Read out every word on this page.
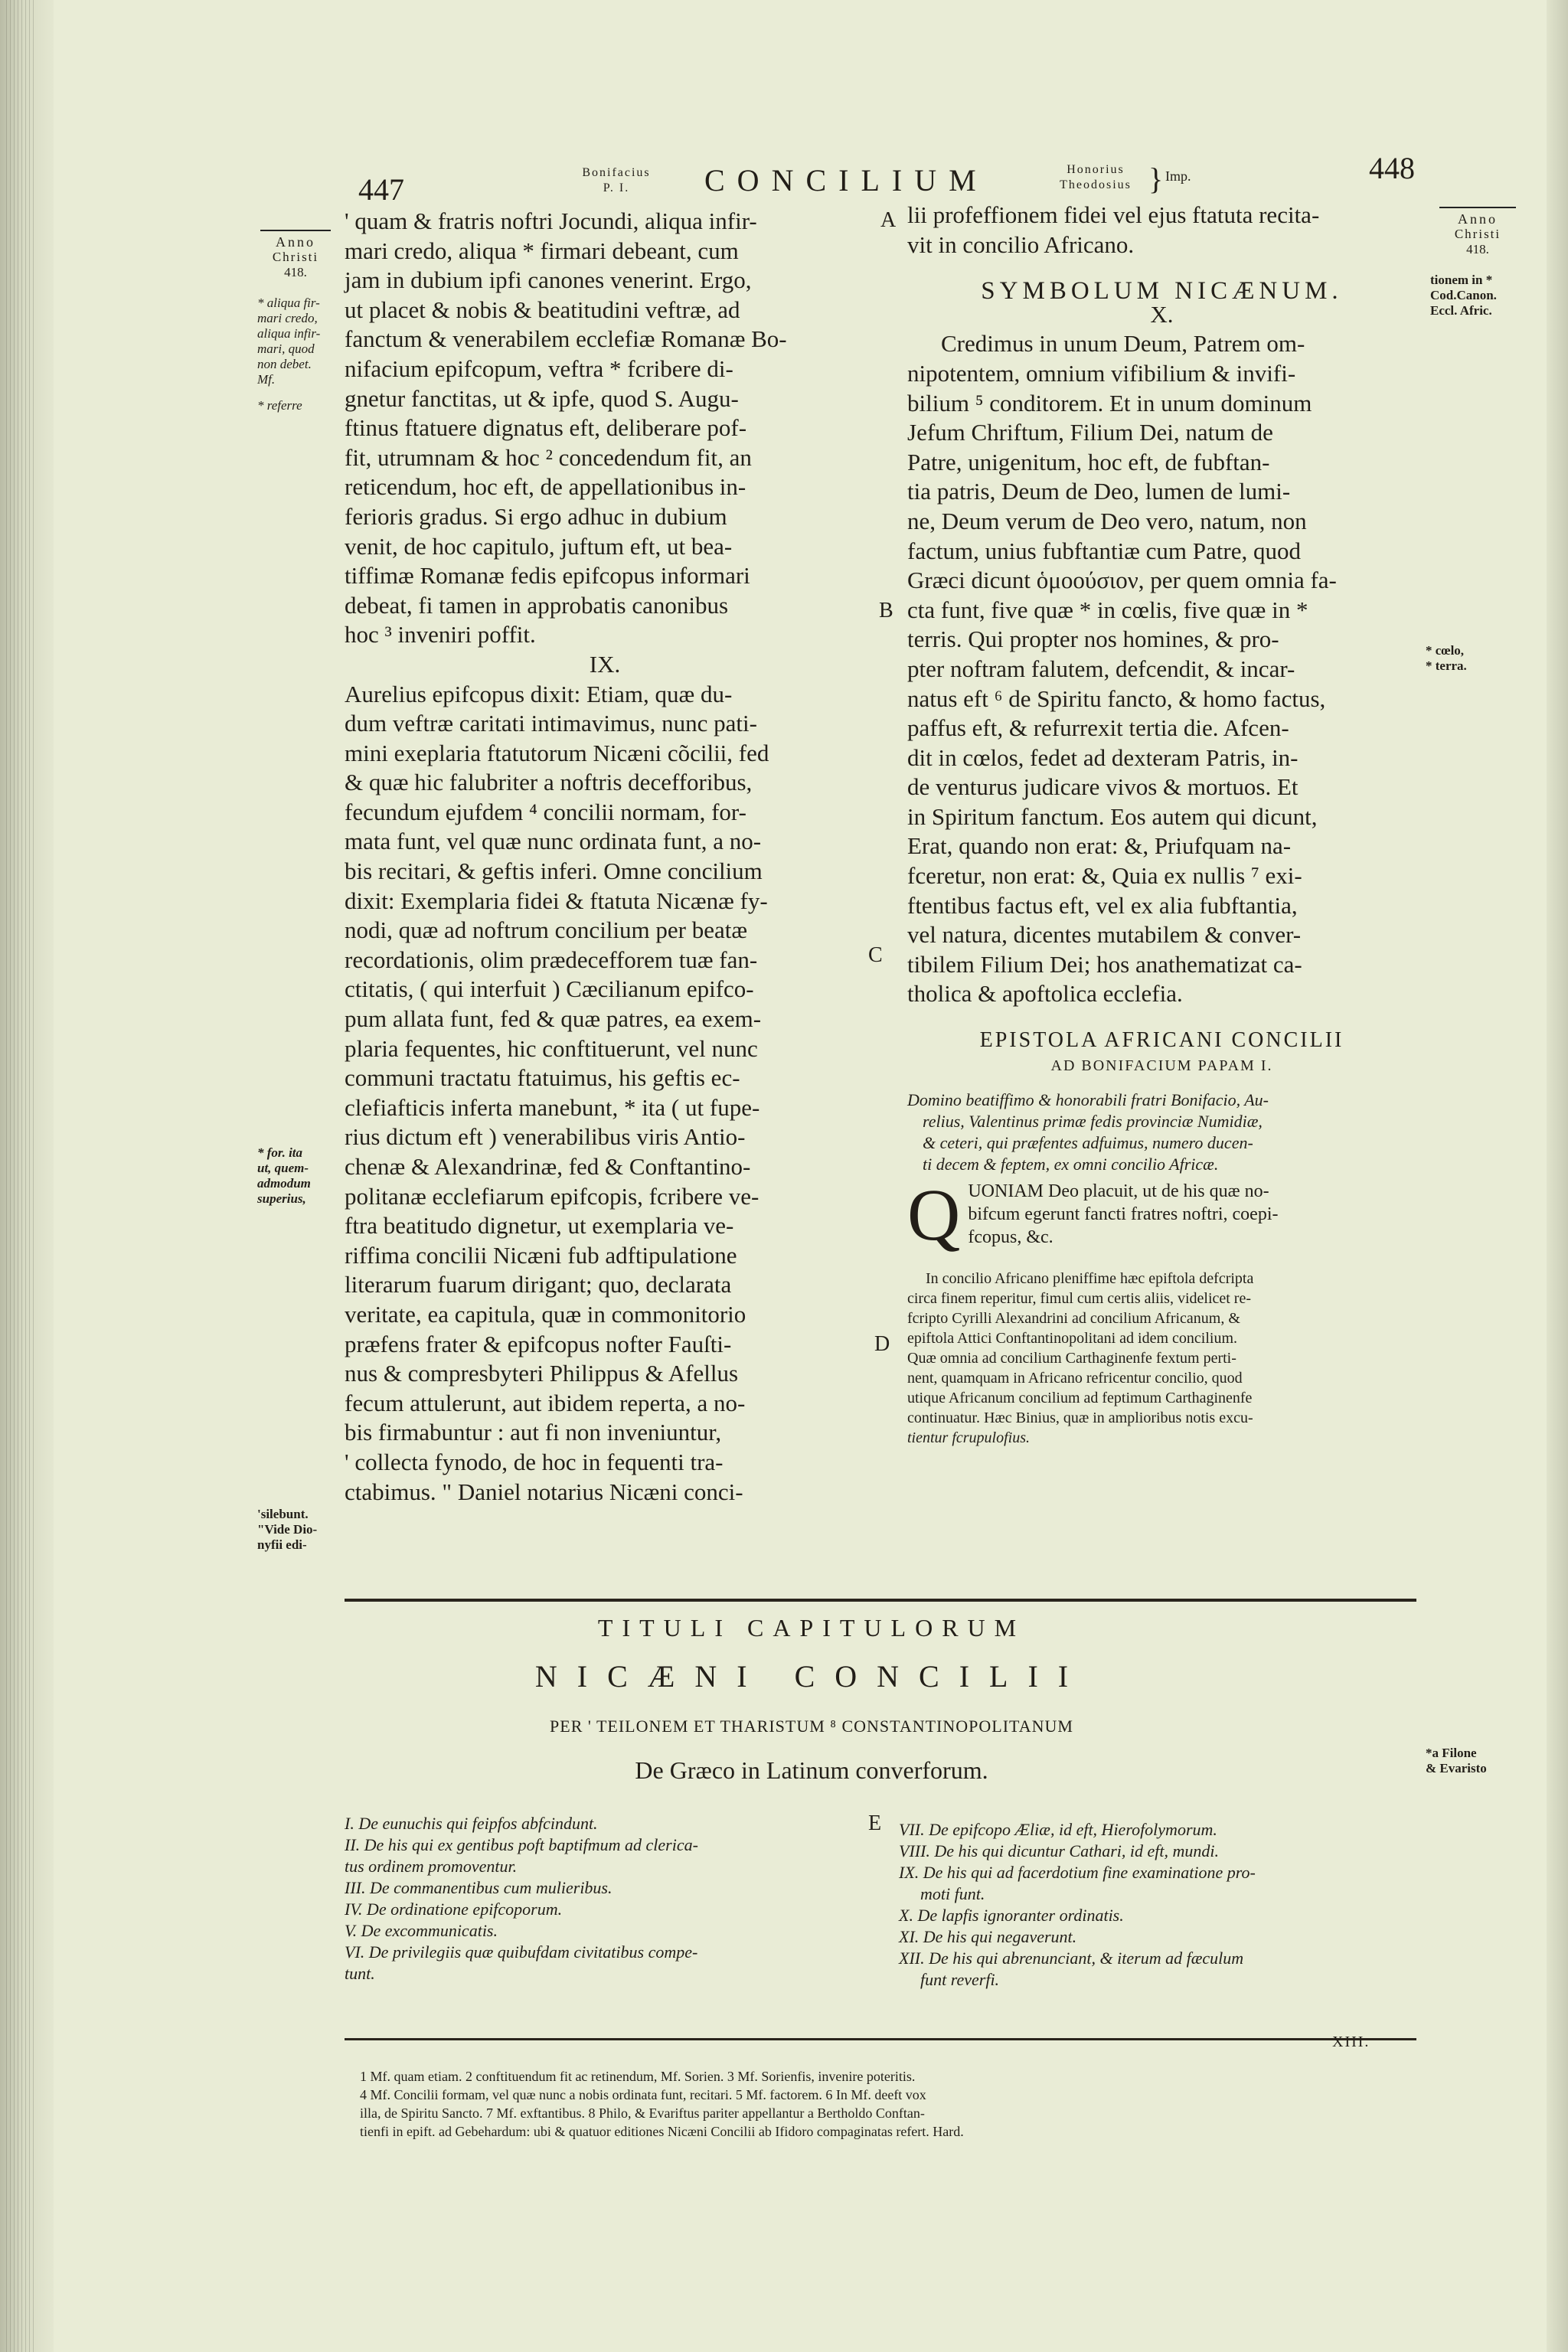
447	Bonifacius
P. I.	CONCILIUM	Honorius
Theodosius } Imp.	448
Anno
Christi
418.
* aliqua fir-
mari credo,
aliqua infir-
mari, quod
non debet.
Mf.
* referre
* for. ita
ut, quem-
admodum
superius,
'silebunt.
"Vide Dio-
nyfii edi-
Anno
Christi
418.
tionem in *
Cod.Canon.
Eccl. Afric.
* cœlo,
* terra.
*a Filone
& Evaristo
A
B
C
D
E

' quam & fratris noftri Jocundi, aliqua infir-

mari credo, aliqua * firmari debeant, cum

jam in dubium ipfi canones venerint. Ergo,

ut placet & nobis & beatitudini veftræ, ad

fanctum & venerabilem ecclefiæ Romanæ Bo-

nifacium epifcopum, veftra * fcribere di-

gnetur fanctitas, ut & ipfe, quod S. Augu-

ftinus ftatuere dignatus eft, deliberare pof-

fit, utrumnam & hoc ² concedendum fit, an

reticendum, hoc eft, de appellationibus in-

ferioris gradus. Si ergo adhuc in dubium

venit, de hoc capitulo, juftum eft, ut bea-

tiffimæ Romanæ fedis epifcopus informari

debeat, fi tamen in approbatis canonibus

hoc ³ inveniri poffit.

IX.

Aurelius epifcopus dixit: Etiam, quæ du-

dum veftræ caritati intimavimus, nunc pati-

mini exeplaria ftatutorum Nicæni cõcilii, fed

& quæ hic falubriter a noftris decefforibus,

fecundum ejufdem ⁴ concilii normam, for-

mata funt, vel quæ nunc ordinata funt, a no-

bis recitari, & geftis inferi. Omne concilium

dixit: Exemplaria fidei & ftatuta Nicænæ fy-

nodi, quæ ad noftrum concilium per beatæ

recordationis, olim prædecefforem tuæ fan-

ctitatis, ( qui interfuit ) Cæcilianum epifco-

pum allata funt, fed & quæ patres, ea exem-

plaria fequentes, hic conftituerunt, vel nunc

communi tractatu ftatuimus, his geftis ec-

clefiafticis inferta manebunt, * ita ( ut fupe-

rius dictum eft ) venerabilibus viris Antio-

chenæ & Alexandrinæ, fed & Conftantino-

politanæ ecclefiarum epifcopis, fcribere ve-

ftra beatitudo dignetur, ut exemplaria ve-

riffima concilii Nicæni fub adftipulatione

literarum fuarum dirigant; quo, declarata

veritate, ea capitula, quæ in commonitorio

præfens frater & epifcopus nofter Fauſti-

nus & compresbyteri Philippus & Afellus

fecum attulerunt, aut ibidem reperta, a no-

bis firmabuntur : aut fi non inveniuntur,

' collecta fynodo, de hoc in fequenti tra-

ctabimus. " Daniel notarius Nicæni conci-

lii profeffionem fidei vel ejus ftatuta recita-

vit in concilio Africano.

SYMBOLUM NICÆNUM.

X.

Credimus in unum Deum, Patrem om-

nipotentem, omnium vifibilium & invifi-

bilium ⁵ conditorem. Et in unum dominum

Jefum Chriftum, Filium Dei, natum de

Patre, unigenitum, hoc eft, de fubftan-

tia patris, Deum de Deo, lumen de lumi-

ne, Deum verum de Deo vero, natum, non

factum, unius fubftantiæ cum Patre, quod

Græci dicunt ὁμοούσιον, per quem omnia fa-

cta funt, five quæ * in cœlis, five quæ in *

terris. Qui propter nos homines, & pro-

pter noftram falutem, defcendit, & incar-

natus eft ⁶ de Spiritu fancto, & homo factus,

paffus eft, & refurrexit tertia die. Afcen-

dit in cœlos, fedet ad dexteram Patris, in-

de venturus judicare vivos & mortuos. Et

in Spiritum fanctum. Eos autem qui dicunt,

Erat, quando non erat: &, Priufquam na-

fceretur, non erat: &, Quia ex nullis ⁷ exi-

ftentibus factus eft, vel ex alia fubftantia,

vel natura, dicentes mutabilem & conver-

tibilem Filium Dei; hos anathematizat ca-

tholica & apoftolica ecclefia.

EPISTOLA AFRICANI CONCILII

AD BONIFACIUM PAPAM I.

Domino beatiffimo & honorabili fratri Bonifacio, Au-

relius, Valentinus primæ fedis provinciæ Numidiæ,

& ceteri, qui præfentes adfuimus, numero ducen-

ti decem & feptem, ex omni concilio Africæ.

Q UONIAM Deo placuit, ut de his quæ no-

bifcum egerunt fancti fratres noftri, coepi-

fcopus, &c.

In concilio Africano pleniffime hæc epiftola defcripta

circa finem reperitur, fimul cum certis aliis, videlicet re-

fcripto Cyrilli Alexandrini ad concilium Africanum, &

epiftola Attici Conftantinopolitani ad idem concilium.

Quæ omnia ad concilium Carthaginenfe fextum perti-

nent, quamquam in Africano refricentur concilio, quod

utique Africanum concilium ad feptimum Carthaginenfe

continuatur. Hæc Binius, quæ in amplioribus notis excu-

tientur fcrupulofius.

TITULI CAPITULORUM
NICÆNI CONCILII
PER ' TEILONEM ET THARISTUM ⁸ CONSTANTINOPOLITANUM
De Græco in Latinum converforum.
I. De eunuchis qui feipfos abfcindunt.
II. De his qui ex gentibus poft baptifmum ad clerica-
tus ordinem promoventur.
III. De commanentibus cum mulieribus.
IV. De ordinatione epifcoporum.
V. De excommunicatis.
VI. De privilegiis quæ quibufdam civitatibus compe-
tunt.
VII. De epifcopo Æliæ, id eft, Hierofolymorum.
VIII. De his qui dicuntur Cathari, id eft, mundi.
IX. De his qui ad facerdotium fine examinatione pro-
moti funt.
X. De lapfis ignoranter ordinatis.
XI. De his qui negaverunt.
XII. De his qui abrenunciant, & iterum ad fæculum
funt reverfi.
XIII.
1 Mf. quam etiam. 2 conftituendum fit ac retinendum, Mf. Sorien. 3 Mf. Sorienfis, invenire poteritis.
4 Mf. Concilii formam, vel quæ nunc a nobis ordinata funt, recitari. 5 Mf. factorem. 6 In Mf. deeft vox
illa, de Spiritu Sancto. 7 Mf. exftantibus. 8 Philo, & Evariftus pariter appellantur a Bertholdo Conftan-
tienfi in epift. ad Gebehardum: ubi & quatuor editiones Nicæni Concilii ab Ifidoro compaginatas refert. Hard.
